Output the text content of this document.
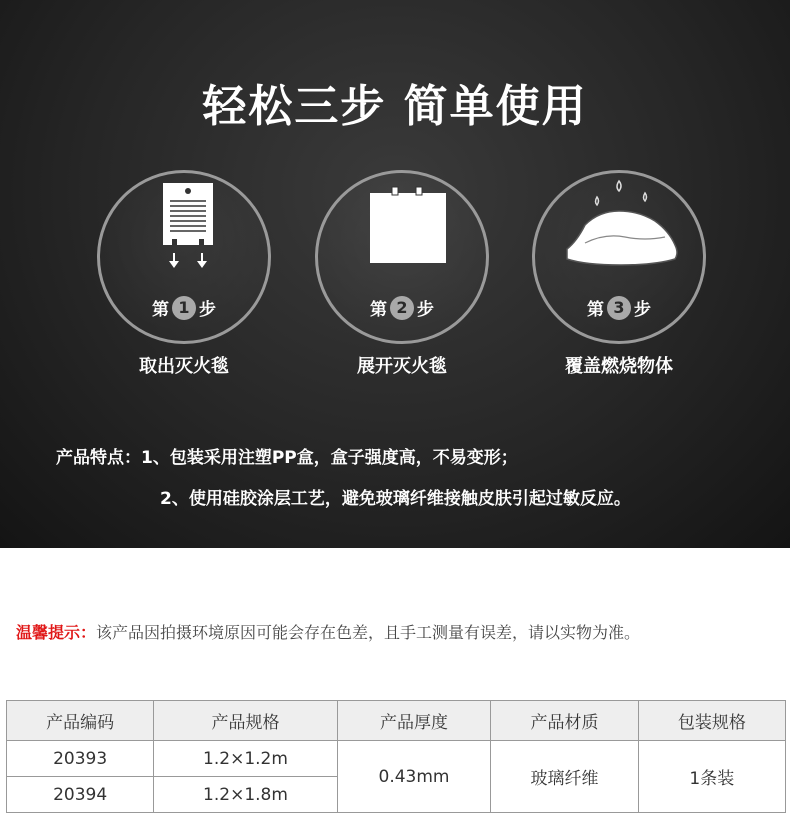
轻松三步 简单使用
第 1 步
取出灭火毯
第 2 步
展开灭火毯
第 3 步
覆盖燃烧物体
产品特点：1、包装采用注塑PP盒，盒子强度高，不易变形；
2、使用硅胶涂层工艺，避免玻璃纤维接触皮肤引起过敏反应。
温馨提示：该产品因拍摄环境原因可能会存在色差，且手工测量有误差，请以实物为准。
产品编码	产品规格	产品厚度	产品材质	包装规格
20393	1.2×1.2m	0.43mm	玻璃纤维	1条装
20394	1.2×1.8m			
